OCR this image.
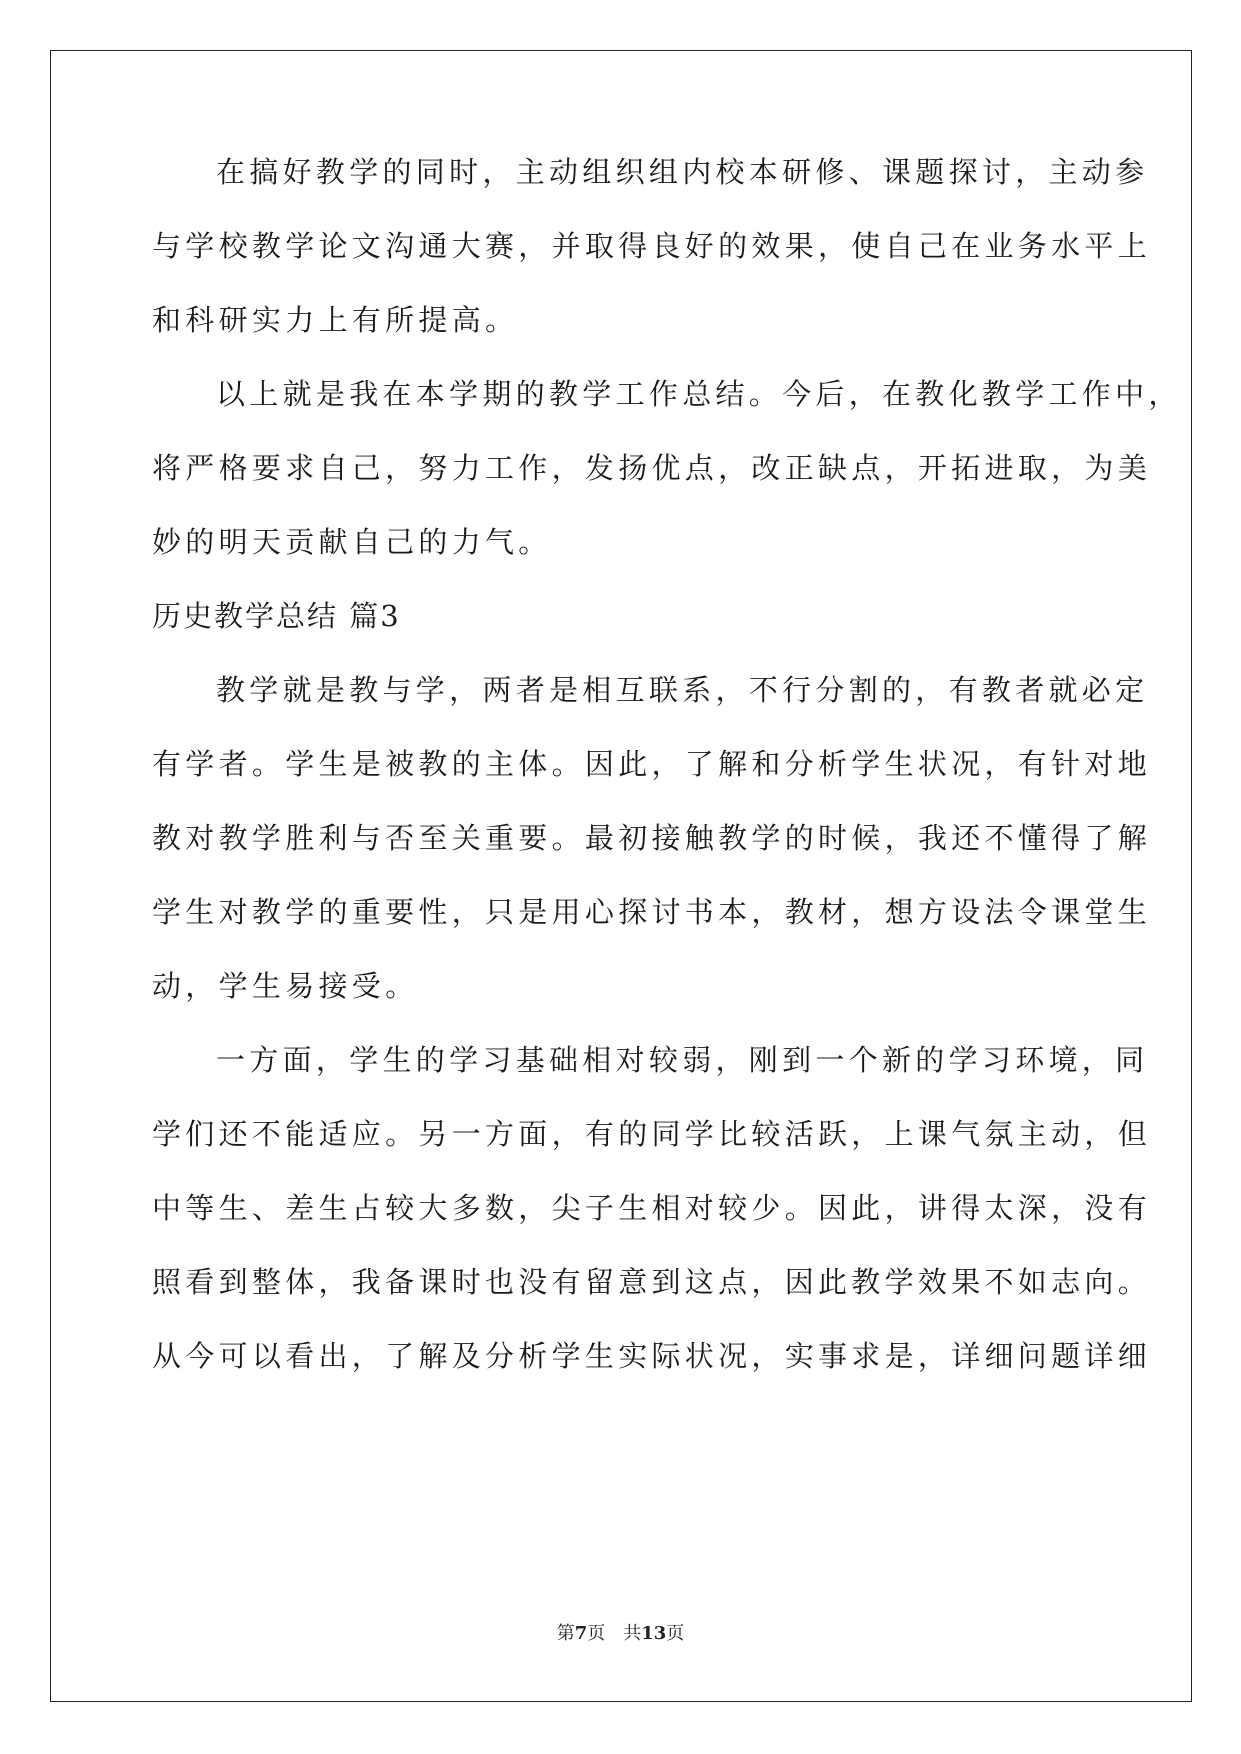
在搞好教学的同时，主动组织组内校本研修、课题探讨，主动参
与学校教学论文沟通大赛，并取得良好的效果，使自己在业务水平上
和科研实力上有所提高。
以上就是我在本学期的教学工作总结。今后，在教化教学工作中，
将严格要求自己，努力工作，发扬优点，改正缺点，开拓进取，为美
妙的明天贡献自己的力气。
历史教学总结 篇3
教学就是教与学，两者是相互联系，不行分割的，有教者就必定
有学者。学生是被教的主体。因此，了解和分析学生状况，有针对地
教对教学胜利与否至关重要。最初接触教学的时候，我还不懂得了解
学生对教学的重要性，只是用心探讨书本，教材，想方设法令课堂生
动，学生易接受。
一方面，学生的学习基础相对较弱，刚到一个新的学习环境，同
学们还不能适应。另一方面，有的同学比较活跃，上课气氛主动，但
中等生、差生占较大多数，尖子生相对较少。因此，讲得太深，没有
照看到整体，我备课时也没有留意到这点，因此教学效果不如志向。
从今可以看出，了解及分析学生实际状况，实事求是，详细问题详细
第7页　共13页
